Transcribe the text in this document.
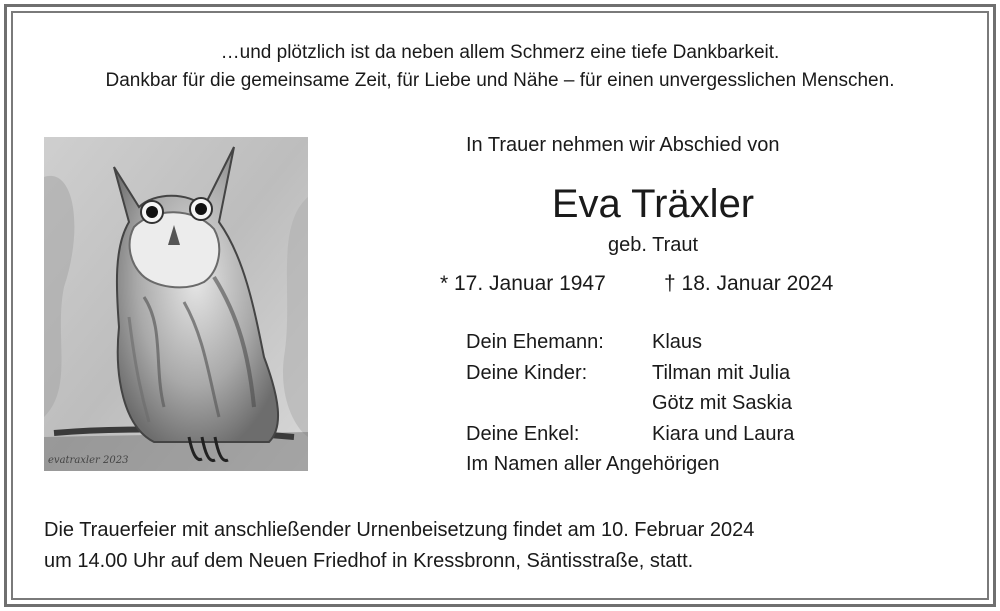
…und plötzlich ist da neben allem Schmerz eine tiefe Dankbarkeit.
Dankbar für die gemeinsame Zeit, für Liebe und Nähe – für einen unvergesslichen Menschen.
evatraxler 2023
In Trauer nehmen wir Abschied von
Eva Träxler
geb. Traut
* 17. Januar 1947	† 18. Januar 2024
Dein Ehemann: Klaus
Deine Kinder:	Tilman mit Julia
Götz mit Saskia
Deine Enkel:	Kiara und Laura
Im Namen aller Angehörigen
Die Trauerfeier mit anschließender Urnenbeisetzung findet am 10. Februar 2024
um 14.00 Uhr auf dem Neuen Friedhof in Kressbronn, Säntisstraße, statt.
